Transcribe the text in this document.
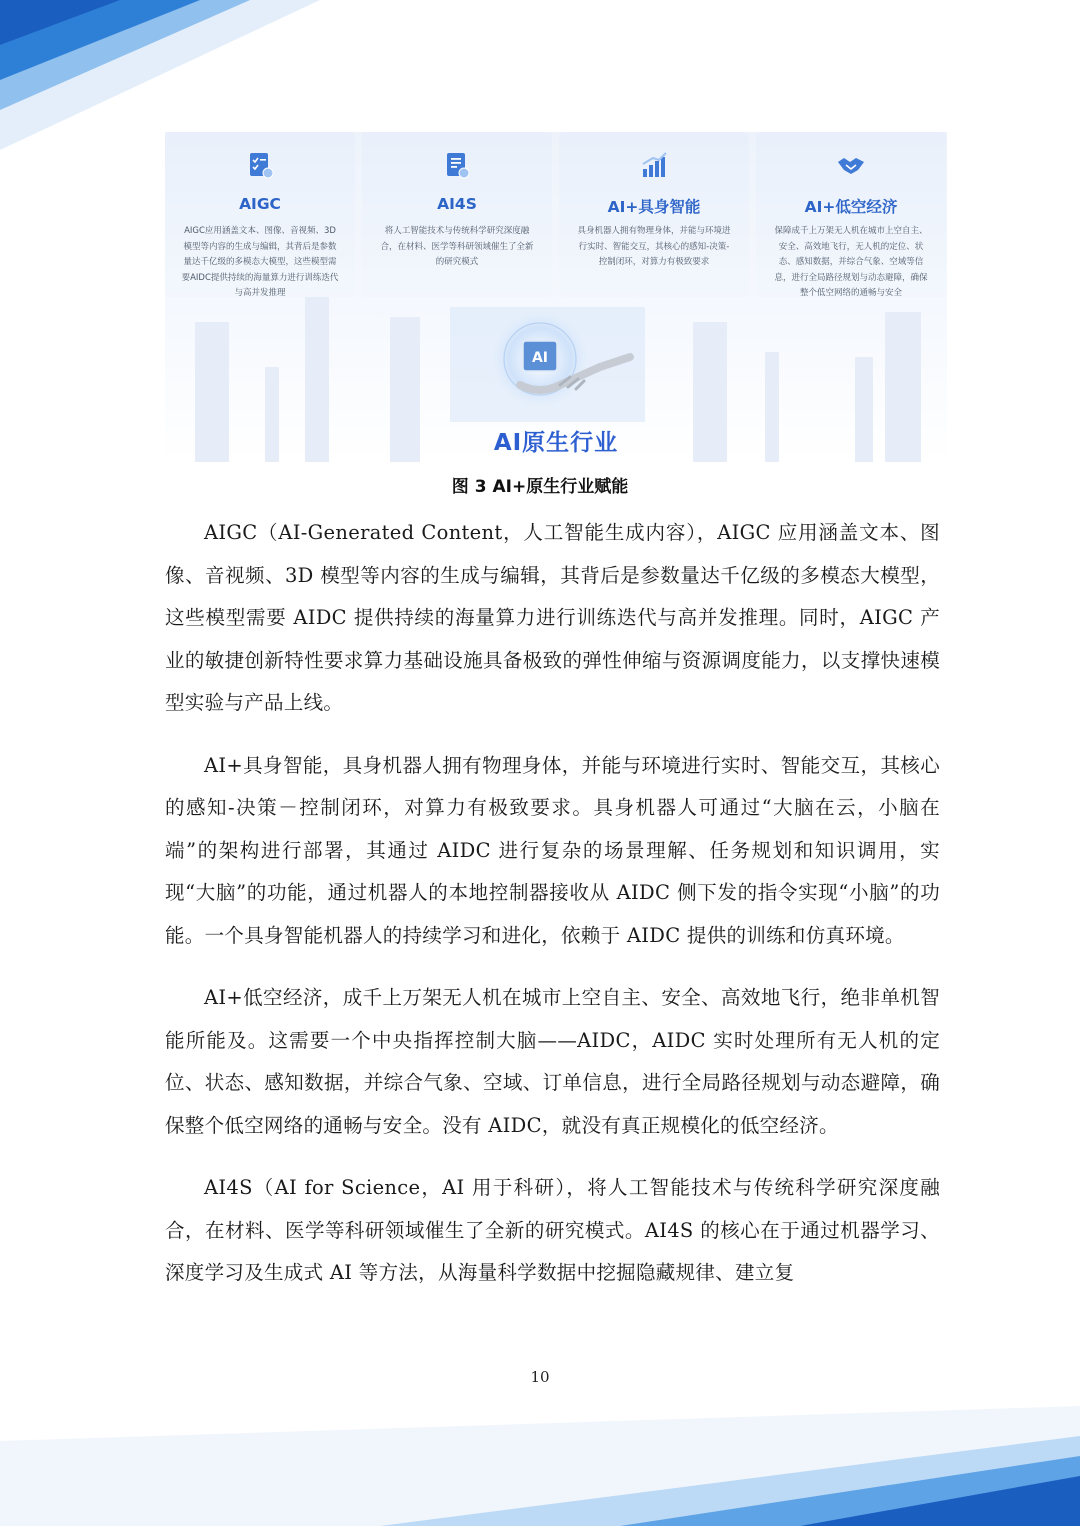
AIGC
AIGC应用涵盖文本、图像、音视频、3D模型等内容的生成与编辑，其背后是参数量达千亿级的多模态大模型，这些模型需要AIDC提供持续的海量算力进行训练迭代与高并发推理
AI4S
将人工智能技术与传统科学研究深度融合，在材料、医学等科研领域催生了全新的研究模式
AI+具身智能
具身机器人拥有物理身体，并能与环境进行实时、智能交互，其核心的感知-决策-控制闭环，对算力有极致要求
AI+低空经济
保障成千上万架无人机在城市上空自主、安全、高效地飞行，无人机的定位、状态、感知数据，并综合气象、空域等信息，进行全局路径规划与动态避障，确保整个低空网络的通畅与安全
AI
AI原生行业
图 3 AI+原生行业赋能

AIGC（AI-Generated Content，人工智能生成内容），AIGC 应用涵盖文本、图像、音视频、3D 模型等内容的生成与编辑，其背后是参数量达千亿级的多模态大模型，这些模型需要 AIDC 提供持续的海量算力进行训练迭代与高并发推理。同时，AIGC 产业的敏捷创新特性要求算力基础设施具备极致的弹性伸缩与资源调度能力，以支撑快速模型实验与产品上线。

AI+具身智能，具身机器人拥有物理身体，并能与环境进行实时、智能交互，其核心的感知-决策－控制闭环，对算力有极致要求。具身机器人可通过“大脑在云，小脑在端”的架构进行部署，其通过 AIDC 进行复杂的场景理解、任务规划和知识调用，实现“大脑”的功能，通过机器人的本地控制器接收从 AIDC 侧下发的指令实现“小脑”的功能。一个具身智能机器人的持续学习和进化，依赖于 AIDC 提供的训练和仿真环境。

AI+低空经济，成千上万架无人机在城市上空自主、安全、高效地飞行，绝非单机智能所能及。这需要一个中央指挥控制大脑——AIDC，AIDC 实时处理所有无人机的定位、状态、感知数据，并综合气象、空域、订单信息，进行全局路径规划与动态避障，确保整个低空网络的通畅与安全。没有 AIDC，就没有真正规模化的低空经济。

AI4S（AI for Science，AI 用于科研），将人工智能技术与传统科学研究深度融合，在材料、医学等科研领域催生了全新的研究模式。AI4S 的核心在于通过机器学习、深度学习及生成式 AI 等方法，从海量科学数据中挖掘隐藏规律、建立复

10
